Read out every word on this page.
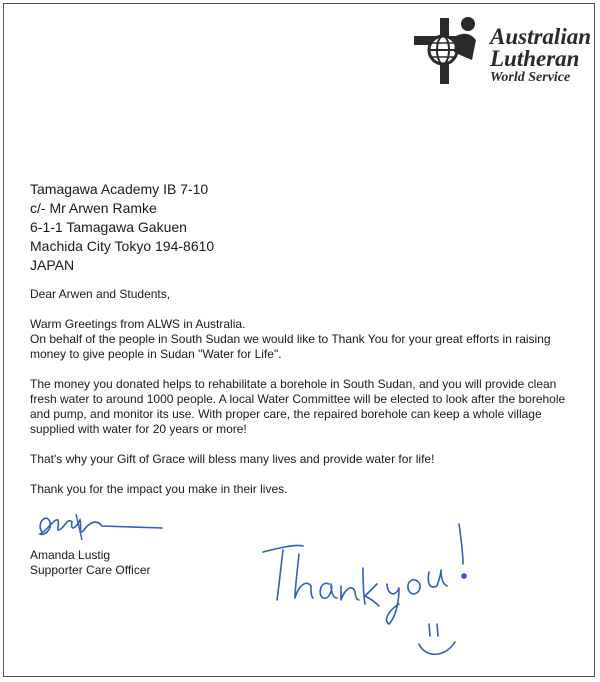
Australian
Lutheran
World Service
Tamagawa Academy IB 7-10
c/- Mr Arwen Ramke
6-1-1 Tamagawa Gakuen
Machida City Tokyo 194-8610
JAPAN

Dear Arwen and Students,

Warm Greetings from ALWS in Australia.

On behalf of the people in South Sudan we would like to Thank You for your great efforts in raising money to give people in Sudan "Water for Life".

The money you donated helps to rehabilitate a borehole in South Sudan, and you will provide clean fresh water to around 1000 people. A local Water Committee will be elected to look after the borehole and pump, and monitor its use. With proper care, the repaired borehole can keep a whole village supplied with water for 20 years or more!

That's why your Gift of Grace will bless many lives and provide water for life!

Thank you for the impact you make in their lives.

Amanda Lustig
Supporter Care Officer
